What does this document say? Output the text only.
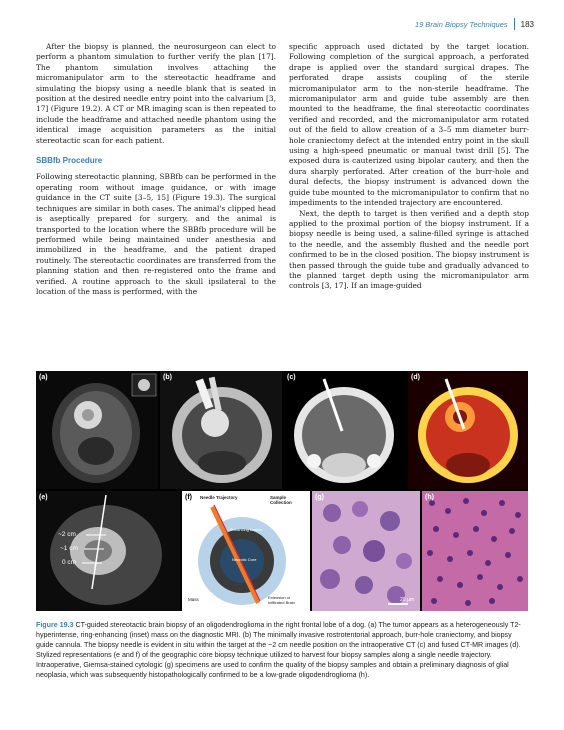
19 Brain Biopsy Techniques 183

After the biopsy is planned, the neurosurgeon can elect to perform a phantom simulation to further verify the plan [17]. The phantom simulation involves attaching the micromanipulator arm to the stereotactic headframe and simulating the biopsy using a needle blank that is seated in position at the desired needle entry point into the calvarium [3, 17] (Figure 19.2). A CT or MR imaging scan is then repeated to include the headframe and attached needle phantom using the identical image acquisition parameters as the initial stereotactic scan for each patient.

SBBfb Procedure

Following stereotactic planning, SBBfb can be performed in the operating room without image guidance, or with image guidance in the CT suite [3–5, 15] (Figure 19.3). The surgical techniques are similar in both cases. The animal's clipped head is aseptically prepared for surgery, and the animal is transported to the location where the SBBfb procedure will be performed while being maintained under anesthesia and immobilized in the headframe, and the patient draped routinely. The stereotactic coordinates are transferred from the planning station and then re-registered onto the frame and verified. A routine approach to the skull ipsilateral to the location of the mass is performed, with the

specific approach used dictated by the target location. Following completion of the surgical approach, a perforated drape is applied over the standard surgical drapes. The perforated drape assists coupling of the sterile micromanipulator arm to the non-sterile headframe. The micromanipulator arm and guide tube assembly are then mounted to the headframe, the final stereotactic coordinates verified and recorded, and the micromanipulator arm rotated out of the field to allow creation of a 3–5 mm diameter burr-hole craniectomy defect at the intended entry point in the skull using a high-speed pneumatic or manual twist drill [5]. The exposed dura is cauterized using bipolar cautery, and then the dura sharply perforated. After creation of the burr-hole and dural defects, the biopsy instrument is advanced down the guide tube mounted to the micromanipulator to confirm that no impediments to the intended trajectory are encountered.

Next, the depth to target is then verified and a depth stop applied to the proximal portion of the biopsy instrument. If a biopsy needle is being used, a saline-filled syringe is attached to the needle, and the assembly flushed and the needle port confirmed to be in the closed position. The biopsy instrument is then passed through the guide tube and gradually advanced to the planned target depth using the micromanipulator arm controls [3, 17]. If an image-guided

(a)	(b)	(c)	(d)
~2 cm
~1 cm
0 cm
(e)	Needle Trajectory	Sample Collection
Enhancing Lesion
Necrotic Core
Mass	Extension or Infiltrated Brain
(f)
20 µm
(g)	(h)
Figure 19.3 CT-guided stereotactic brain biopsy of an oligodendroglioma in the right frontal lobe of a dog. (a) The tumor appears as a heterogeneously T2-hyperintense, ring-enhancing (inset) mass on the diagnostic MRI. (b) The minimally invasive rostrotentorial approach, burr-hole craniectomy, and biopsy guide cannula. The biopsy needle is evident in situ within the target at the ~2 cm needle position on the intraoperative CT (c) and fused CT-MR images (d). Stylized representations (e and f) of the geographic core biopsy technique utilized to harvest four biopsy samples along a single needle trajectory. Intraoperative, Giemsa-stained cytologic (g) specimens are used to confirm the quality of the biopsy samples and obtain a preliminary diagnosis of glial neoplasia, which was subsequently histopathologically confirmed to be a low-grade oligodendroglioma (h).
